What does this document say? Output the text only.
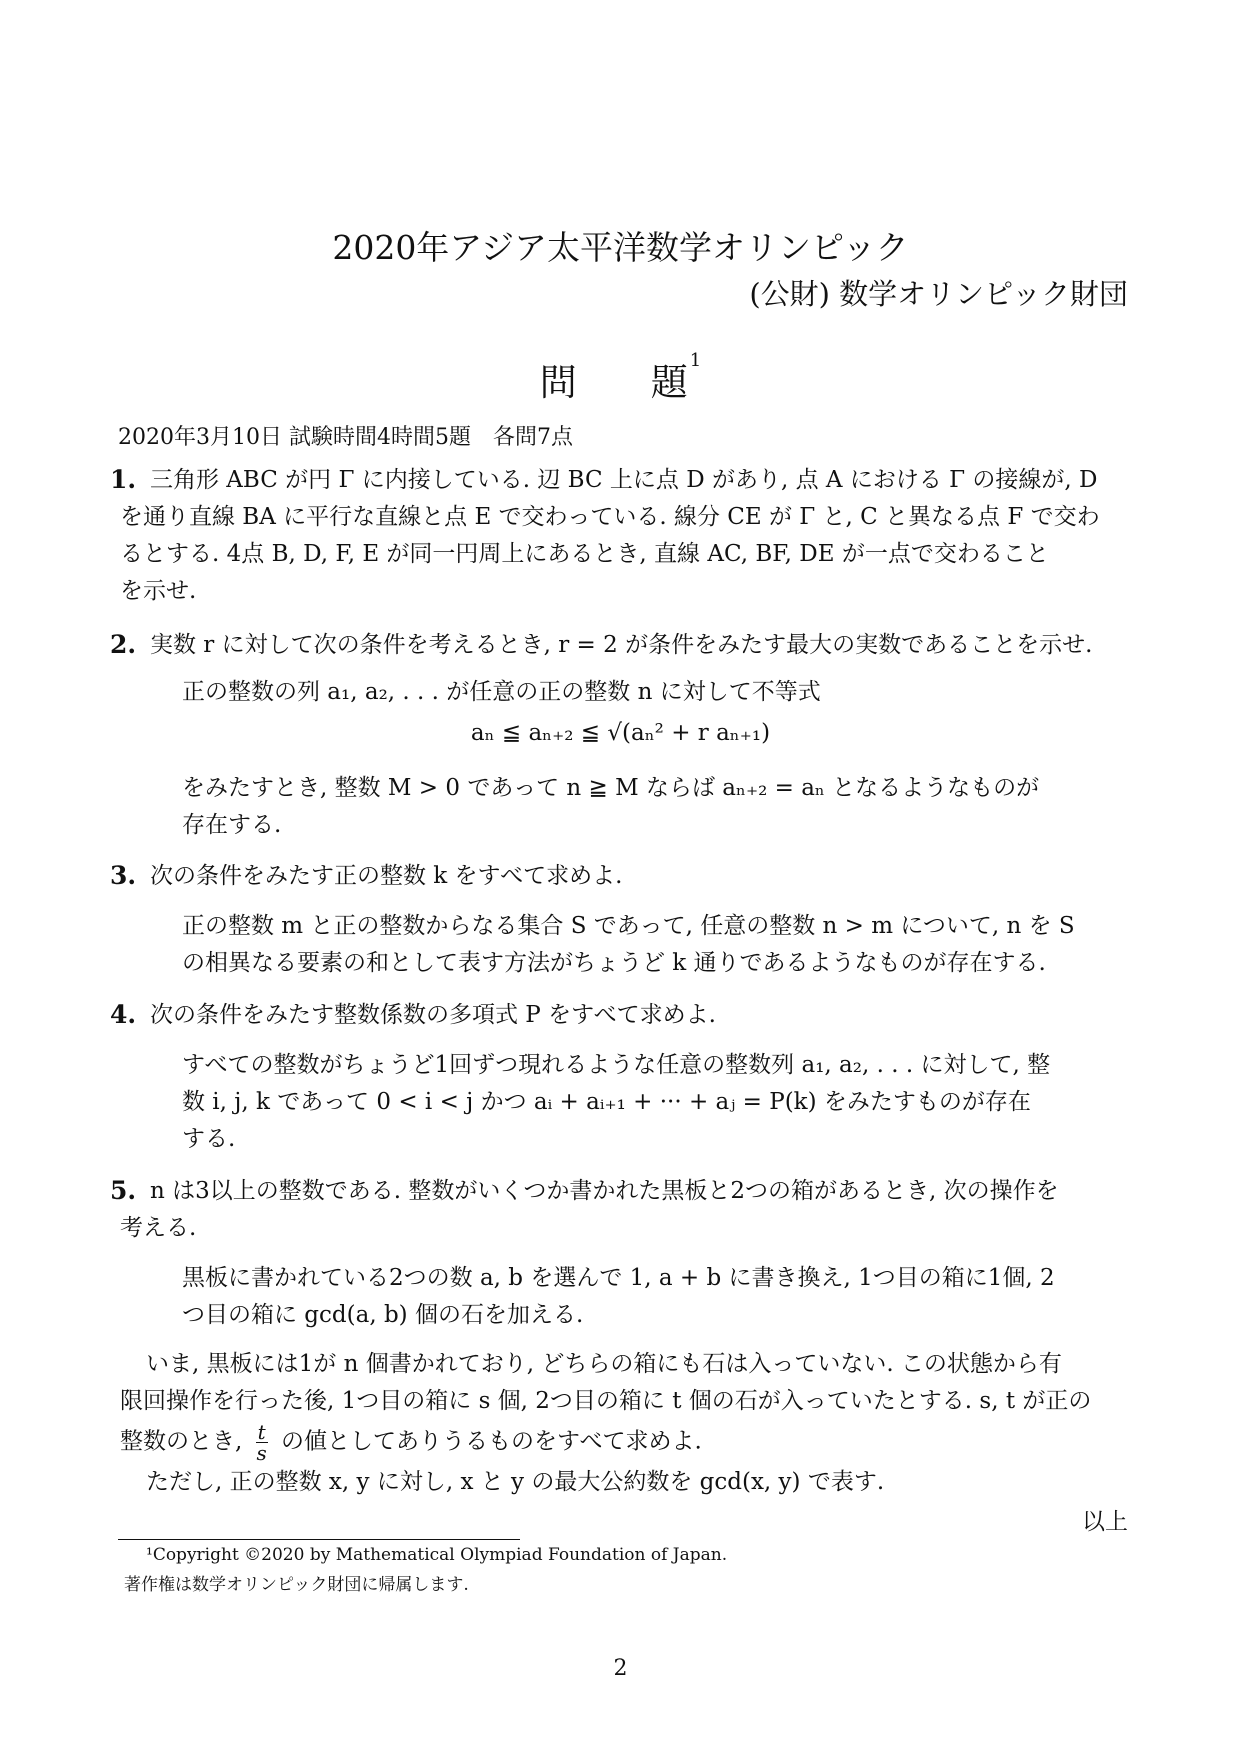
2020年アジア太平洋数学オリンピック
(公財) 数学オリンピック財団
問　　題$^1$
2020年3月10日 試験時間4時間5題　各問7点
1. 三角形 ABC が円 Γ に内接している. 辺 BC 上に点 D があり, 点 A における Γ の接線が, D
を通り直線 BA に平行な直線と点 E で交わっている. 線分 CE が Γ と, C と異なる点 F で交わ
るとする. 4点 B, D, F, E が同一円周上にあるとき, 直線 AC, BF, DE が一点で交わること
を示せ.
2. 実数 r に対して次の条件を考えるとき, r = 2 が条件をみたす最大の実数であることを示せ.
正の整数の列 a₁, a₂, . . . が任意の正の整数 n に対して不等式
aₙ ≦ aₙ₊₂ ≦ √(aₙ² + r aₙ₊₁)
をみたすとき, 整数 M > 0 であって n ≧ M ならば aₙ₊₂ = aₙ となるようなものが
存在する.
3. 次の条件をみたす正の整数 k をすべて求めよ.
正の整数 m と正の整数からなる集合 S であって, 任意の整数 n > m について, n を S
の相異なる要素の和として表す方法がちょうど k 通りであるようなものが存在する.
4. 次の条件をみたす整数係数の多項式 P をすべて求めよ.
すべての整数がちょうど1回ずつ現れるような任意の整数列 a₁, a₂, . . . に対して, 整
数 i, j, k であって 0 < i < j かつ aᵢ + aᵢ₊₁ + ··· + aⱼ = P(k) をみたすものが存在
する.
5. n は3以上の整数である. 整数がいくつか書かれた黒板と2つの箱があるとき, 次の操作を
考える.
黒板に書かれている2つの数 a, b を選んで 1, a + b に書き換え, 1つ目の箱に1個, 2
つ目の箱に gcd(a, b) 個の石を加える.
いま, 黒板には1が n 個書かれており, どちらの箱にも石は入っていない. この状態から有
限回操作を行った後, 1つ目の箱に s 個, 2つ目の箱に t 個の石が入っていたとする. s, t が正の
整数のとき, $\frac{t}{s}$ の値としてありうるものをすべて求めよ.
ただし, 正の整数 x, y に対し, x と y の最大公約数を gcd(x, y) で表す.
以上
¹Copyright ©2020 by Mathematical Olympiad Foundation of Japan.
著作権は数学オリンピック財団に帰属します.
2
